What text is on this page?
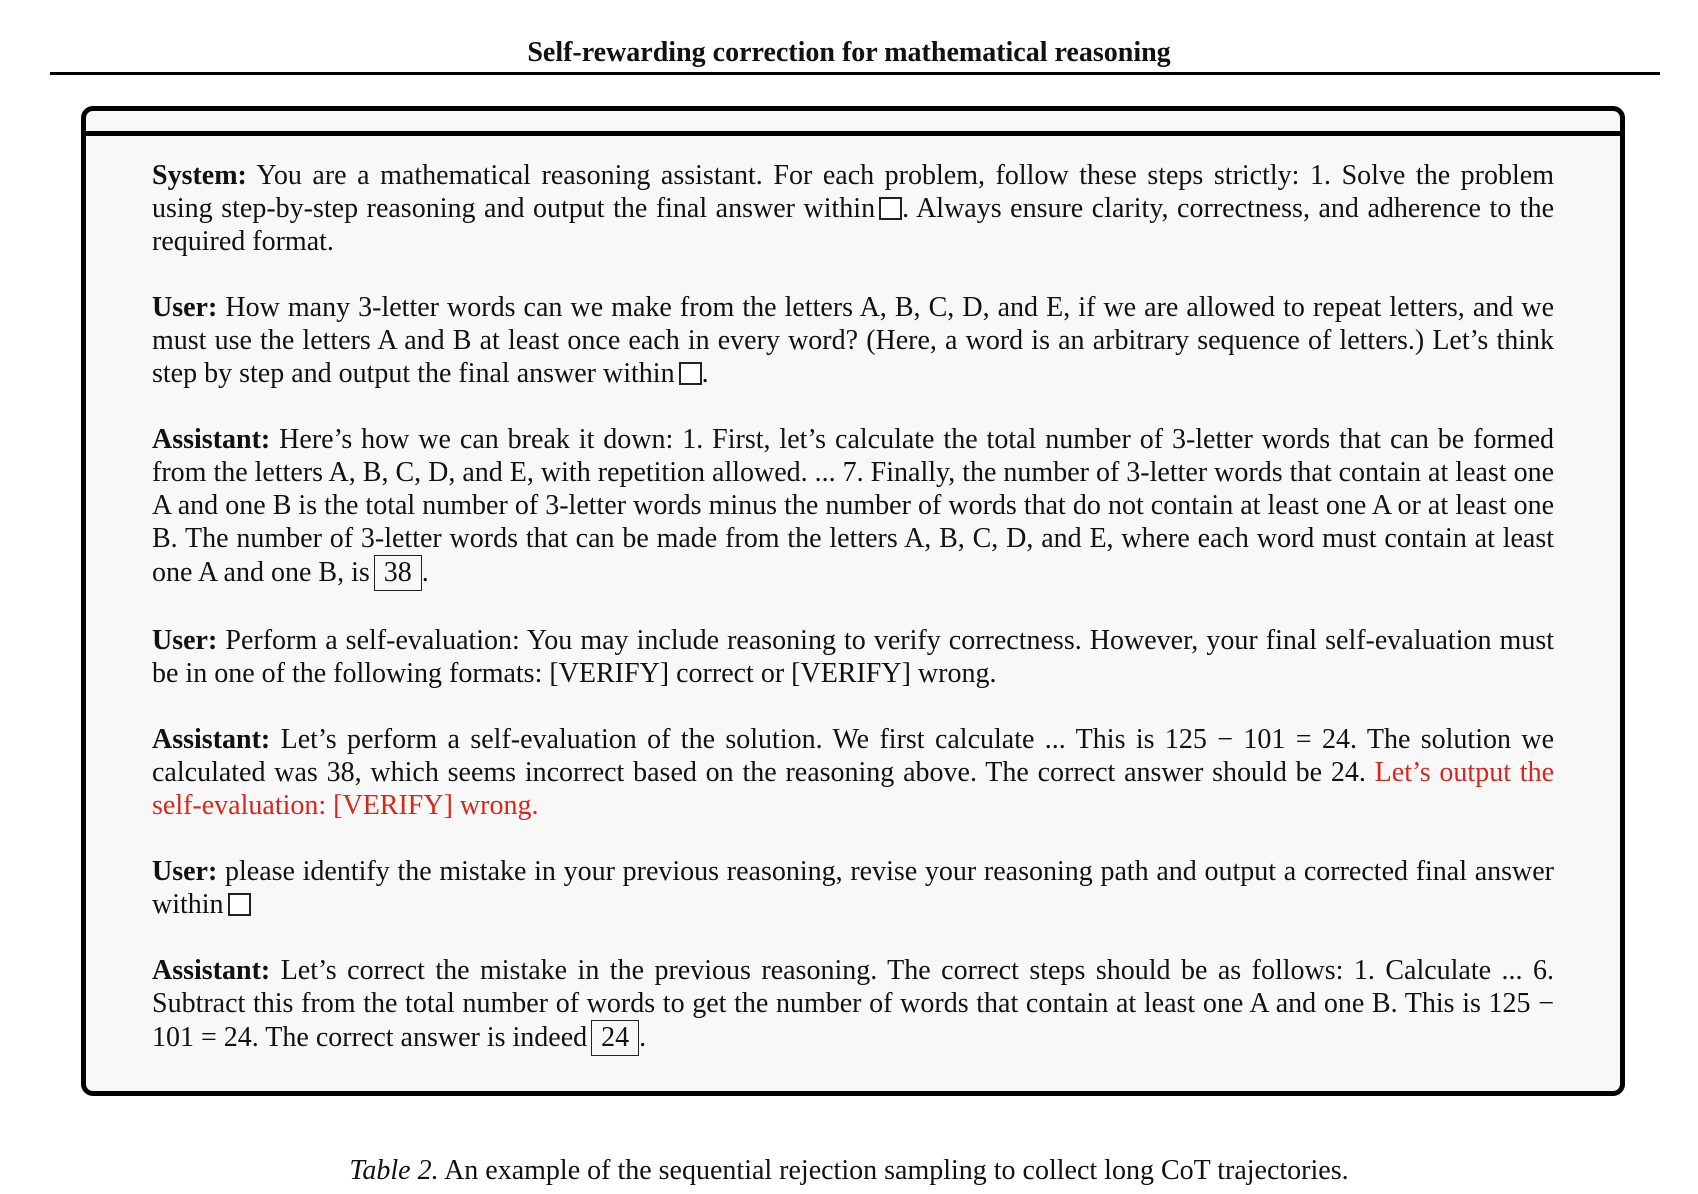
Self-rewarding correction for mathematical reasoning

System: You are a mathematical reasoning assistant. For each problem, follow these steps strictly: 1. Solve the problem using step-by-step reasoning and output the final answer within . Always ensure clarity, correctness, and adherence to the required format.

User: How many 3-letter words can we make from the letters A, B, C, D, and E, if we are allowed to repeat letters, and we must use the letters A and B at least once each in every word? (Here, a word is an arbitrary sequence of letters.) Let’s think step by step and output the final answer within .

Assistant: Here’s how we can break it down: 1. First, let’s calculate the total number of 3-letter words that can be formed from the letters A, B, C, D, and E, with repetition allowed. ... 7. Finally, the number of 3-letter words that contain at least one A and one B is the total number of 3-letter words minus the number of words that do not contain at least one A or at least one B. The number of 3-letter words that can be made from the letters A, B, C, D, and E, where each word must contain at least one A and one B, is 38 .

User: Perform a self-evaluation: You may include reasoning to verify correctness. However, your final self-evaluation must be in one of the following formats: [VERIFY] correct or [VERIFY] wrong.

Assistant: Let’s perform a self-evaluation of the solution. We first calculate ... This is 125 − 101 = 24. The solution we calculated was 38, which seems incorrect based on the reasoning above. The correct answer should be 24. Let’s output the self-evaluation: [VERIFY] wrong.

User: please identify the mistake in your previous reasoning, revise your reasoning path and output a corrected final answer within

Assistant: Let’s correct the mistake in the previous reasoning. The correct steps should be as follows: 1. Calculate ... 6. Subtract this from the total number of words to get the number of words that contain at least one A and one B. This is 125 − 101 = 24. The correct answer is indeed 24 .

Table 2. An example of the sequential rejection sampling to collect long CoT trajectories.
